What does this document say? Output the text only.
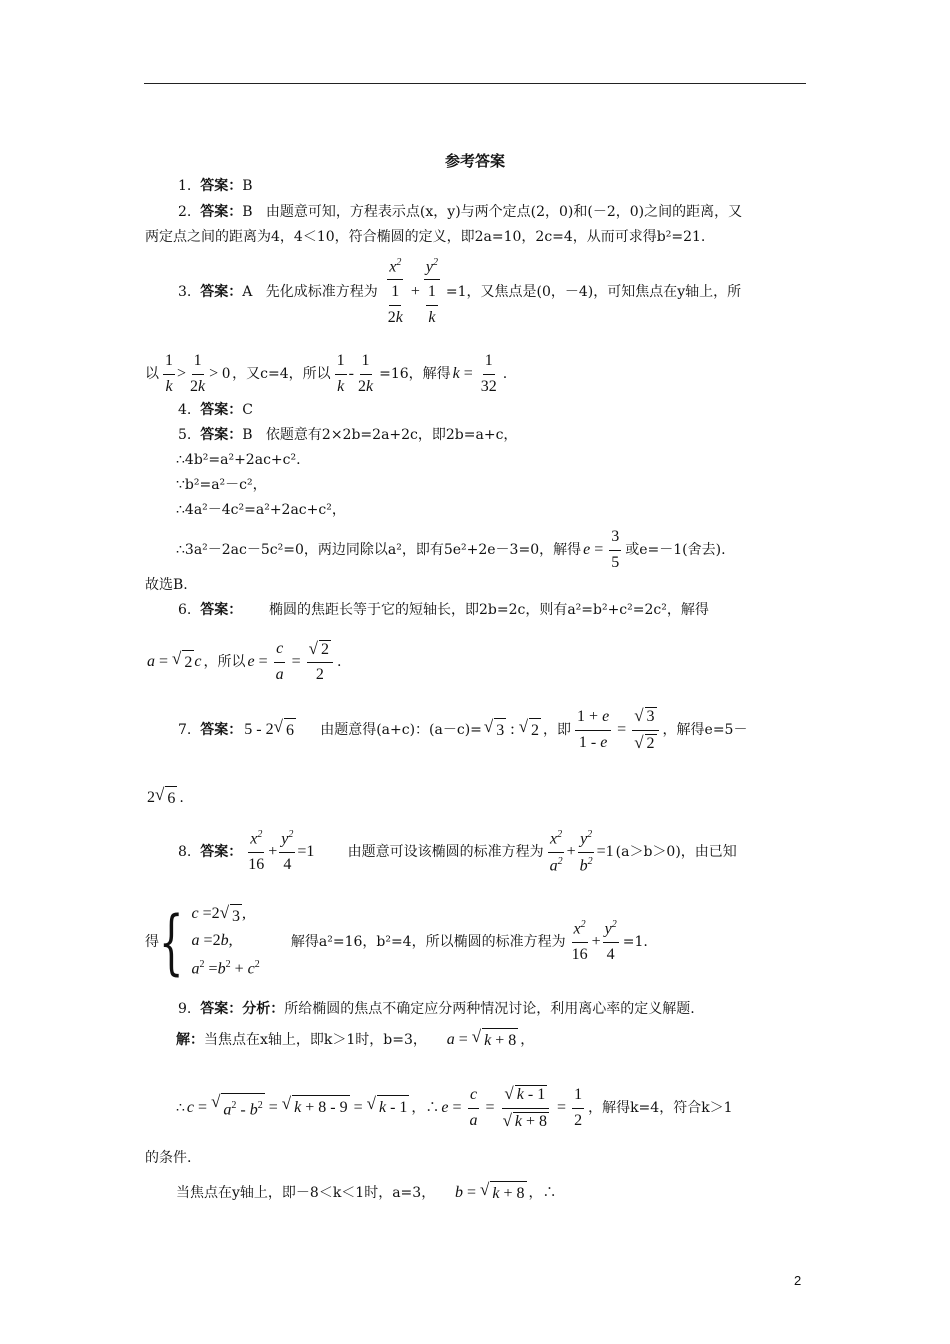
参考答案
1.
答案： B
2.
答案： B
由题意可知，方程表示点(x，y)与两个定点(2，0)和(－2，0)之间的距离，又
两定点之间的距离为4，4＜10，符合椭圆的定义，即2a=10，2c=4，从而可求得b²=21.
3.
答案： A
先化成标准方程为 $\frac{x^2}{\frac{1}{2k}} + \frac{y^2}{\frac{1}{k}} =1$，又焦点是(0，－4)，可知焦点在y轴上，所
以 $\frac{1}{k} > \frac{1}{2k} > 0$ ，又c=4，所以 $\frac{1}{k} - \frac{1}{2k} =16$，解得 $k = \frac{1}{32}$ .
4.
答案： C
5.
答案： B
依题意有2×2b=2a+2c，即2b=a+c，
∴4b²=a²+2ac+c².
∵b²=a²－c²，
∴4a²－4c²=a²+2ac+c²，
∴3a²－2ac－5c²=0，两边同除以a²，即有5e²+2e－3=0，解得 $e = \frac{3}{5}$ 或e=－1(舍去).
故选B.
6.
答案：
椭圆的焦距长等于它的短轴长，即2b=2c，则有a²=b²+c²=2c²，解得
a = √ 2 c ，所以 $e = \frac{c}{a} = \frac{√ 2}{2}$ .
7.
答案： 5 - 2 √ 6
由题意得(a+c)：(a－c)= √ 3 : √ 2 ，即 $\frac{1 + e}{1 - e} = \frac{√ 3}{√ 2}$ ，解得e=5－
2 √ 6 .
8.
答案： $\frac{x^2}{16} + \frac{y^2}{4} =1$
由题意可设该椭圆的标准方程为 $\frac{x^2}{a^2} + \frac{y^2}{b^2} =1$ (a＞b＞0)，由已知
得 { c =2 √ 3 ,
a =2b,
$a^2 =b^2 + c^2$

解得a²=16，b²=4，所以椭圆的标准方程为 $\frac{x^2}{16} + \frac{y^2}{4} =1$.
9.
答案： 分析： 所给椭圆的焦点不确定应分两种情况讨论，利用离心率的定义解题.
解： 当焦点在x轴上，即k＞1时，b=3，
a = √ k + 8 ，
∴ c = √ $a^2 - b^2$ = √ k + 8 - 9 = √ k - 1 ，∴ $e = \frac{c}{a} = \frac{√ k - 1}{√ k + 8} = \frac{1}{2}$ ，解得k=4，符合k＞1
的条件.
当焦点在y轴上，即－8＜k＜1时，a=3，
b = √ k + 8 ，∴
2
